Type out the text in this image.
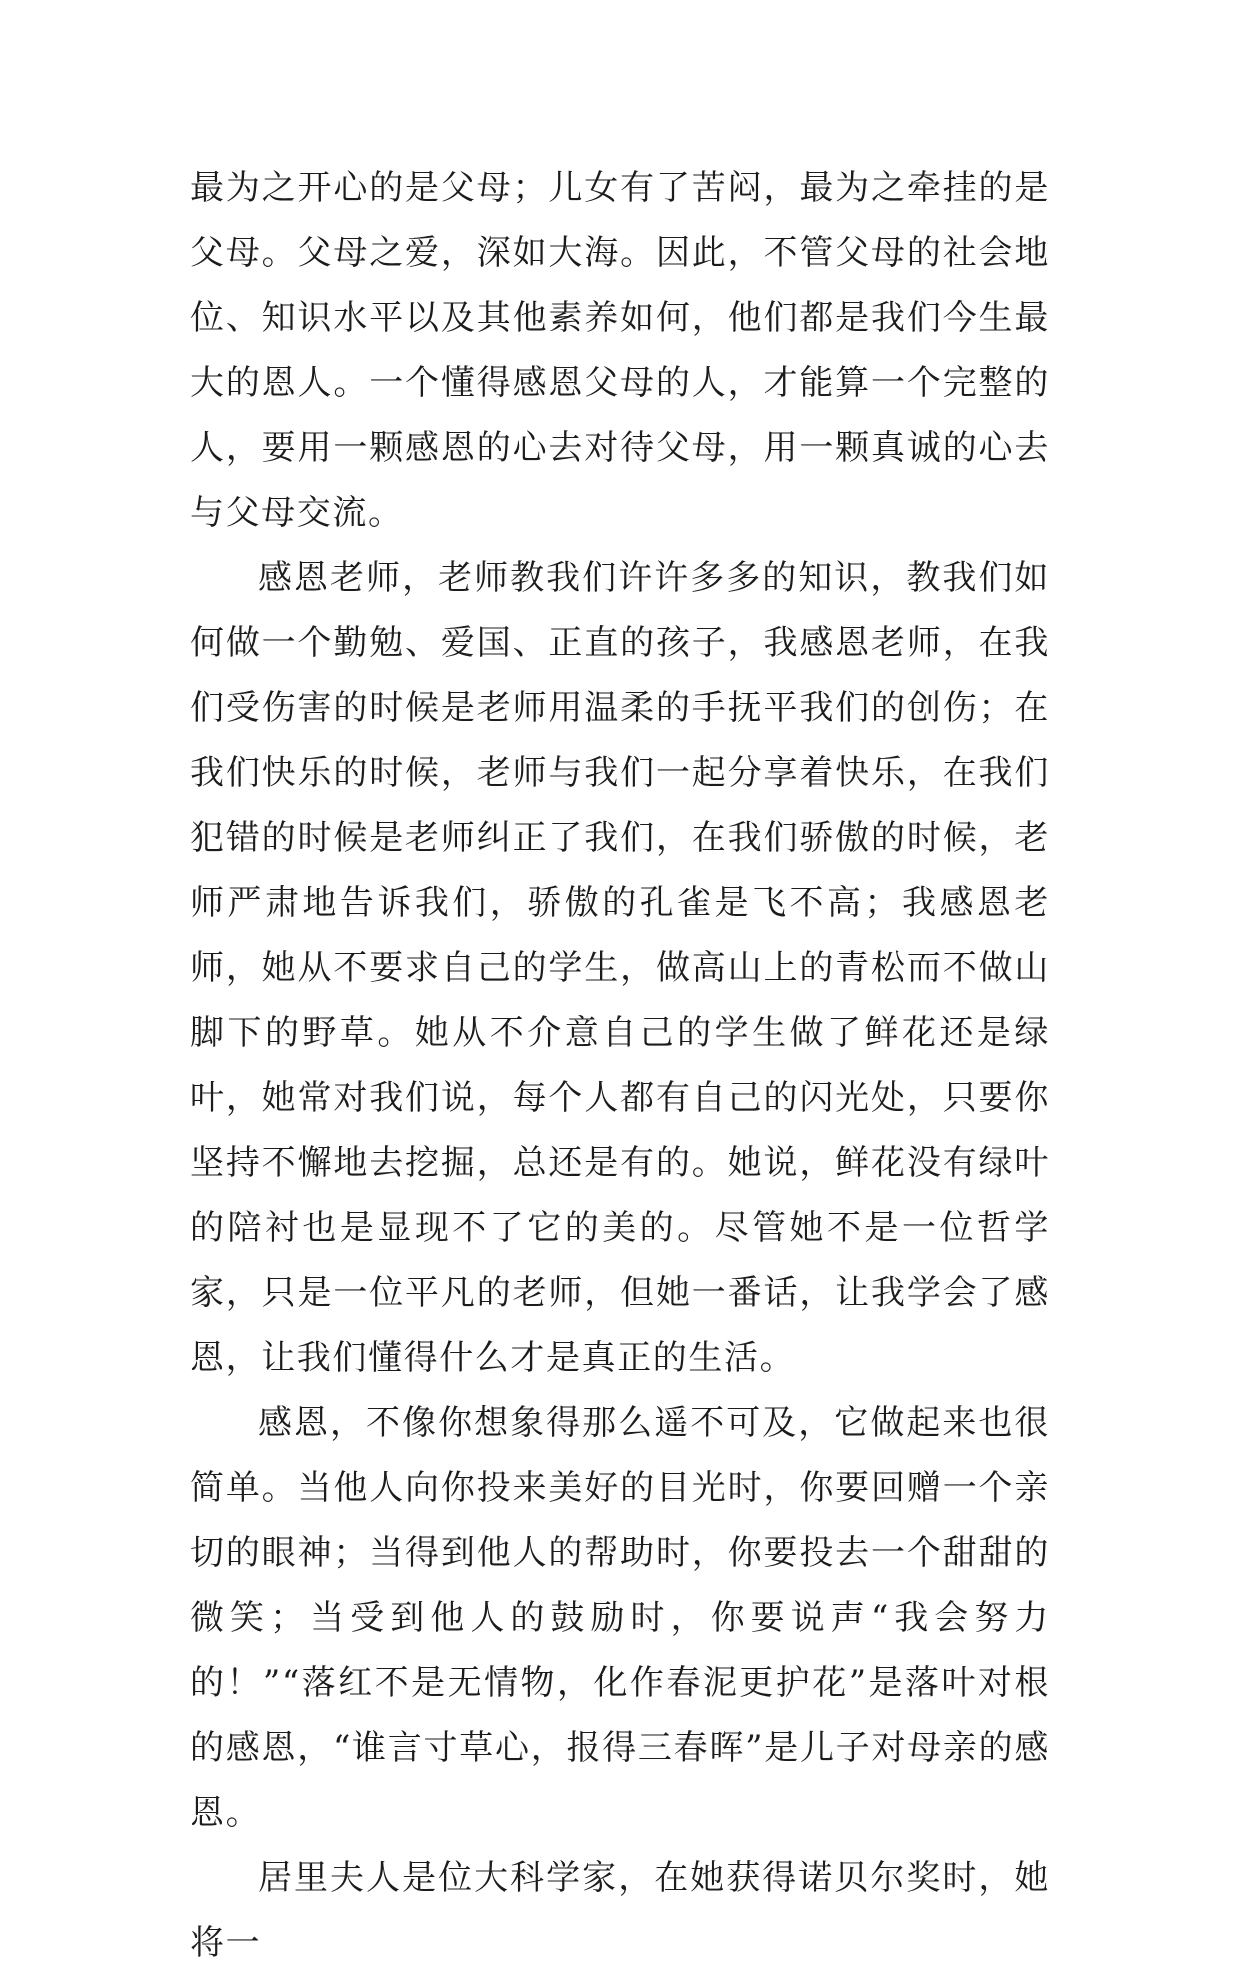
最为之开心的是父母；儿女有了苦闷，最为之牵挂的是父母。父母之爱，深如大海。因此，不管父母的社会地位、知识水平以及其他素养如何，他们都是我们今生最大的恩人。一个懂得感恩父母的人，才能算一个完整的人，要用一颗感恩的心去对待父母，用一颗真诚的心去与父母交流。

感恩老师，老师教我们许许多多的知识，教我们如何做一个勤勉、爱国、正直的孩子，我感恩老师，在我们受伤害的时候是老师用温柔的手抚平我们的创伤；在我们快乐的时候，老师与我们一起分享着快乐，在我们犯错的时候是老师纠正了我们，在我们骄傲的时候，老师严肃地告诉我们，骄傲的孔雀是飞不高；我感恩老师，她从不要求自己的学生，做高山上的青松而不做山脚下的野草。她从不介意自己的学生做了鲜花还是绿叶，她常对我们说，每个人都有自己的闪光处，只要你坚持不懈地去挖掘，总还是有的。她说，鲜花没有绿叶的陪衬也是显现不了它的美的。尽管她不是一位哲学家，只是一位平凡的老师，但她一番话，让我学会了感恩，让我们懂得什么才是真正的生活。

感恩，不像你想象得那么遥不可及，它做起来也很简单。当他人向你投来美好的目光时，你要回赠一个亲切的眼神；当得到他人的帮助时，你要投去一个甜甜的微笑；当受到他人的鼓励时，你要说声“我会努力的！”“落红不是无情物，化作春泥更护花”是落叶对根的感恩，“谁言寸草心，报得三春晖”是儿子对母亲的感恩。

居里夫人是位大科学家，在她获得诺贝尔奖时，她将一
